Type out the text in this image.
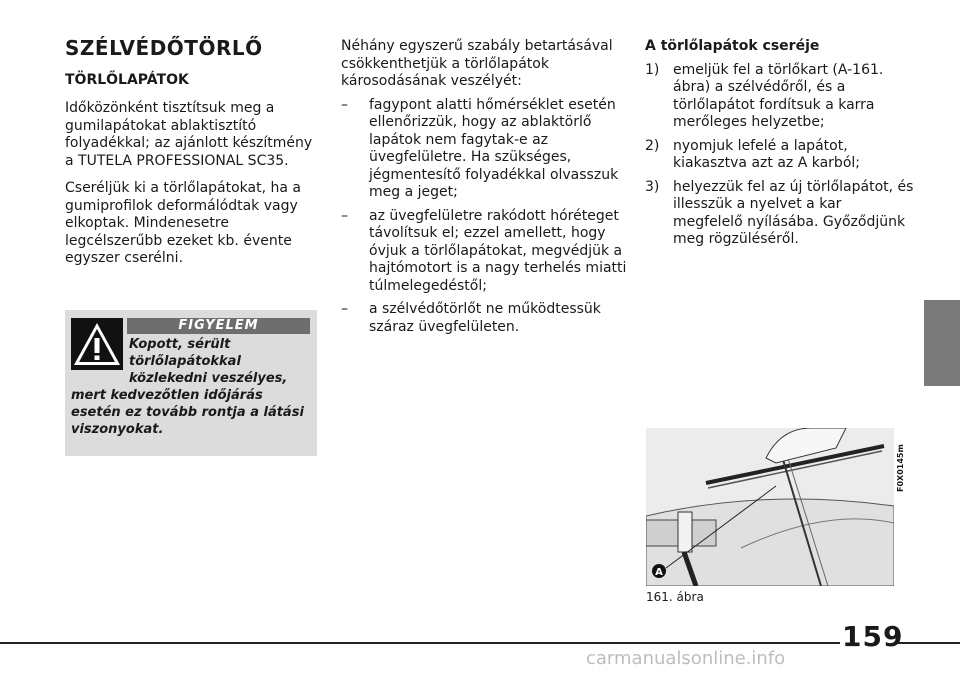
SZÉLVÉDŐTÖRLŐ
TÖRLŐLAPÁTOK

Időközönként tisztítsuk meg a gumilapátokat ablaktisztító folyadékkal; az ajánlott készítmény a TUTELA PROFESSIONAL SC35.

Cseréljük ki a törlőlapátokat, ha a gumiprofilok deformálódtak vagy elkoptak. Mindenesetre legcélszerűbb ezeket kb. évente egyszer cserélni.

FIGYELEM
Kopott, sérült törlőlapátokkal közlekedni veszélyes, mert kedvezőtlen időjárás esetén ez tovább rontja a látási viszonyokat.

Néhány egyszerű szabály betartásával csökkenthetjük a törlőlapátok károsodásának veszélyét:

– fagypont alatti hőmérséklet esetén ellenőrizzük, hogy az ablaktörlő lapátok nem fagytak-e az üvegfelületre. Ha szükséges, jégmentesítő folyadékkal olvasszuk meg a jeget;
– az üvegfelületre rakódott hóréteget távolítsuk el; ezzel amellett, hogy óvjuk a törlőlapátokat, megvédjük a hajtómotort is a nagy terhelés miatti túlmelegedéstől;
– a szélvédőtörlőt ne működtessük száraz üvegfelületen.

A törlőlapátok cseréje

1) emeljük fel a törlőkart (A-161. ábra) a szélvédőről, és a törlőlapátot fordítsuk a karra merőleges helyzetbe;
2) nyomjuk lefelé a lapátot, kiakasztva azt az A karból;
3) helyezzük fel az új törlőlapátot, és illesszük a nyelvet a kar megfelelő nyílásába. Győződjünk meg rögzüléséről.
A
F0X0145m
161. ábra
159
carmanualsonline.info
